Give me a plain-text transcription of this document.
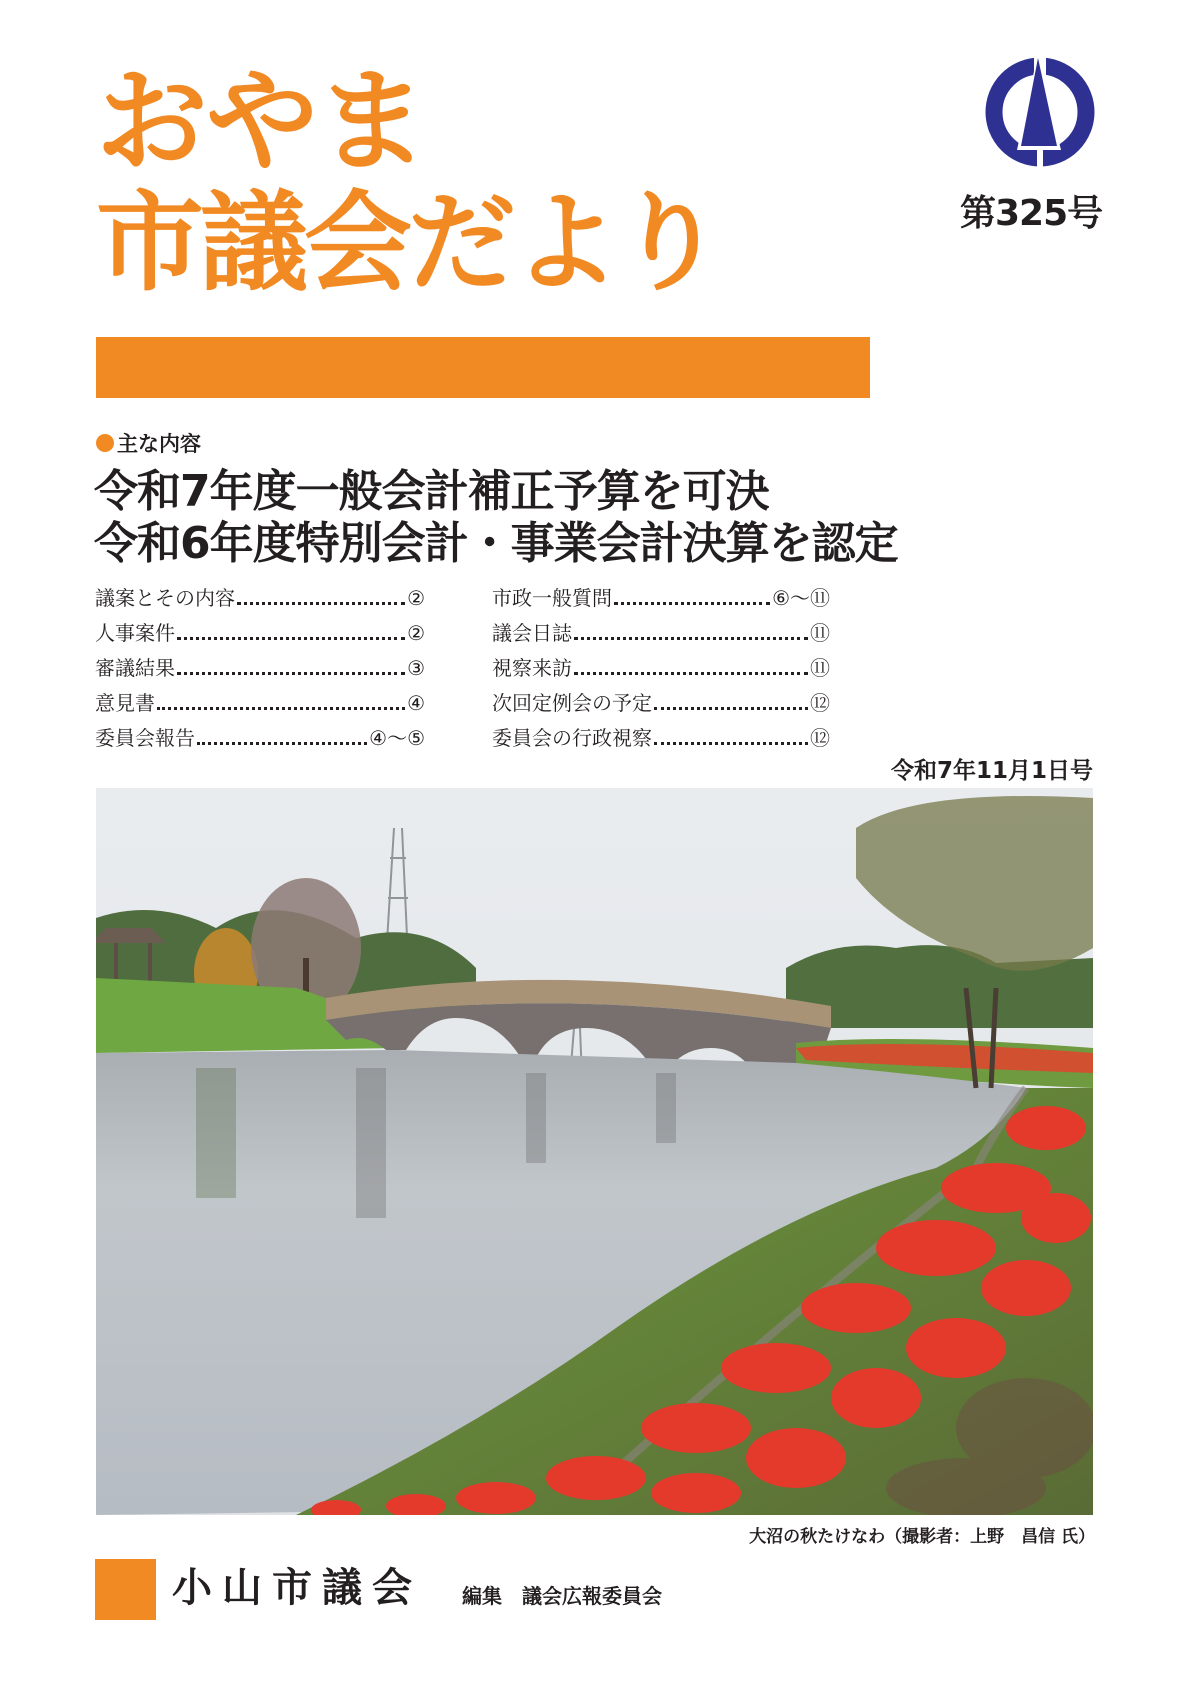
おやま
市議会だより	第325号
主な内容
令和7年度一般会計補正予算を可決
令和6年度特別会計・事業会計決算を認定
議案とその内容	②
人事案件	②
審議結果	③
意見書	④
委員会報告	④～⑤
市政一般質問	⑥～⑪
議会日誌	⑪
視察来訪	⑪
次回定例会の予定	⑫
委員会の行政視察	⑫
令和7年11月1日号
大沼の秋たけなわ（撮影者：上野　昌信 氏）
小山市議会 編集 議会広報委員会
